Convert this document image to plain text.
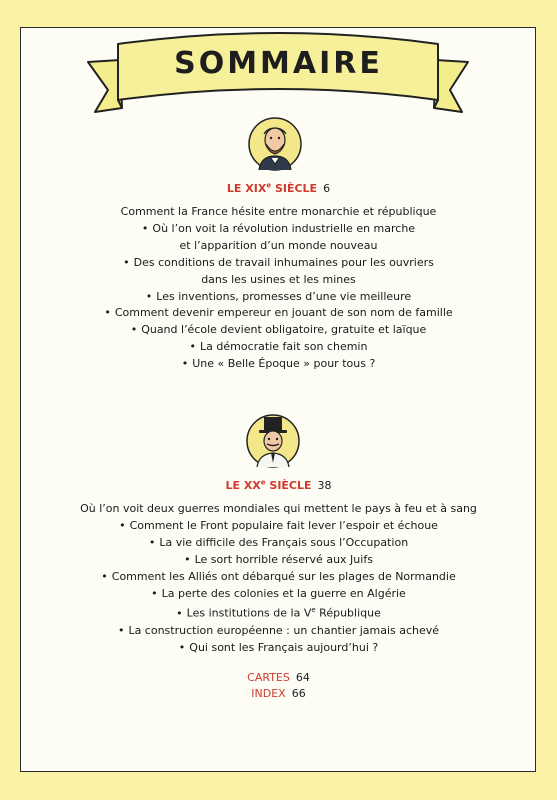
SOMMAIRE
LE XIXe SIÈCLE 6
Comment la France hésite entre monarchie et république
• Où l’on voit la révolution industrielle en marche
et l’apparition d’un monde nouveau
• Des conditions de travail inhumaines pour les ouvriers
dans les usines et les mines
• Les inventions, promesses d’une vie meilleure
• Comment devenir empereur en jouant de son nom de famille
• Quand l’école devient obligatoire, gratuite et laïque
• La démocratie fait son chemin
• Une « Belle Époque » pour tous ?
LE XXe SIÈCLE 38
Où l’on voit deux guerres mondiales qui mettent le pays à feu et à sang
• Comment le Front populaire fait lever l’espoir et échoue
• La vie difficile des Français sous l’Occupation
• Le sort horrible réservé aux Juifs
• Comment les Alliés ont débarqué sur les plages de Normandie
• La perte des colonies et la guerre en Algérie
• Les institutions de la Ve République
• La construction européenne : un chantier jamais achevé
• Qui sont les Français aujourd’hui ?
CARTES 64
INDEX 66
